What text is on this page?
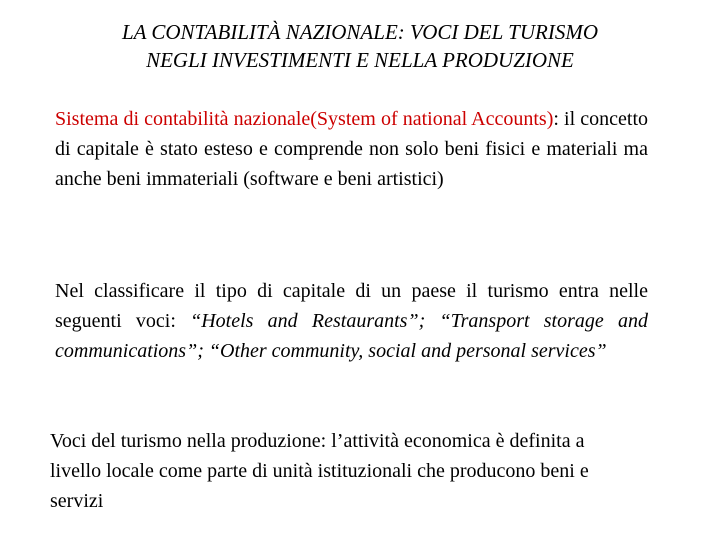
LA CONTABILITÀ NAZIONALE: VOCI DEL TURISMO
NEGLI INVESTIMENTI E NELLA PRODUZIONE
Sistema di contabilità nazionale(System of national Accounts): il concetto di capitale è stato esteso e comprende non solo beni fisici e materiali ma anche beni immateriali (software e beni artistici)
Nel classificare il tipo di capitale di un paese il turismo entra nelle seguenti voci: “Hotels and Restaurants”; “Transport storage and communications”; “Other community, social and personal services”
Voci del turismo nella produzione: l’attività economica è definita a livello locale come parte di unità istituzionali che producono beni e servizi
